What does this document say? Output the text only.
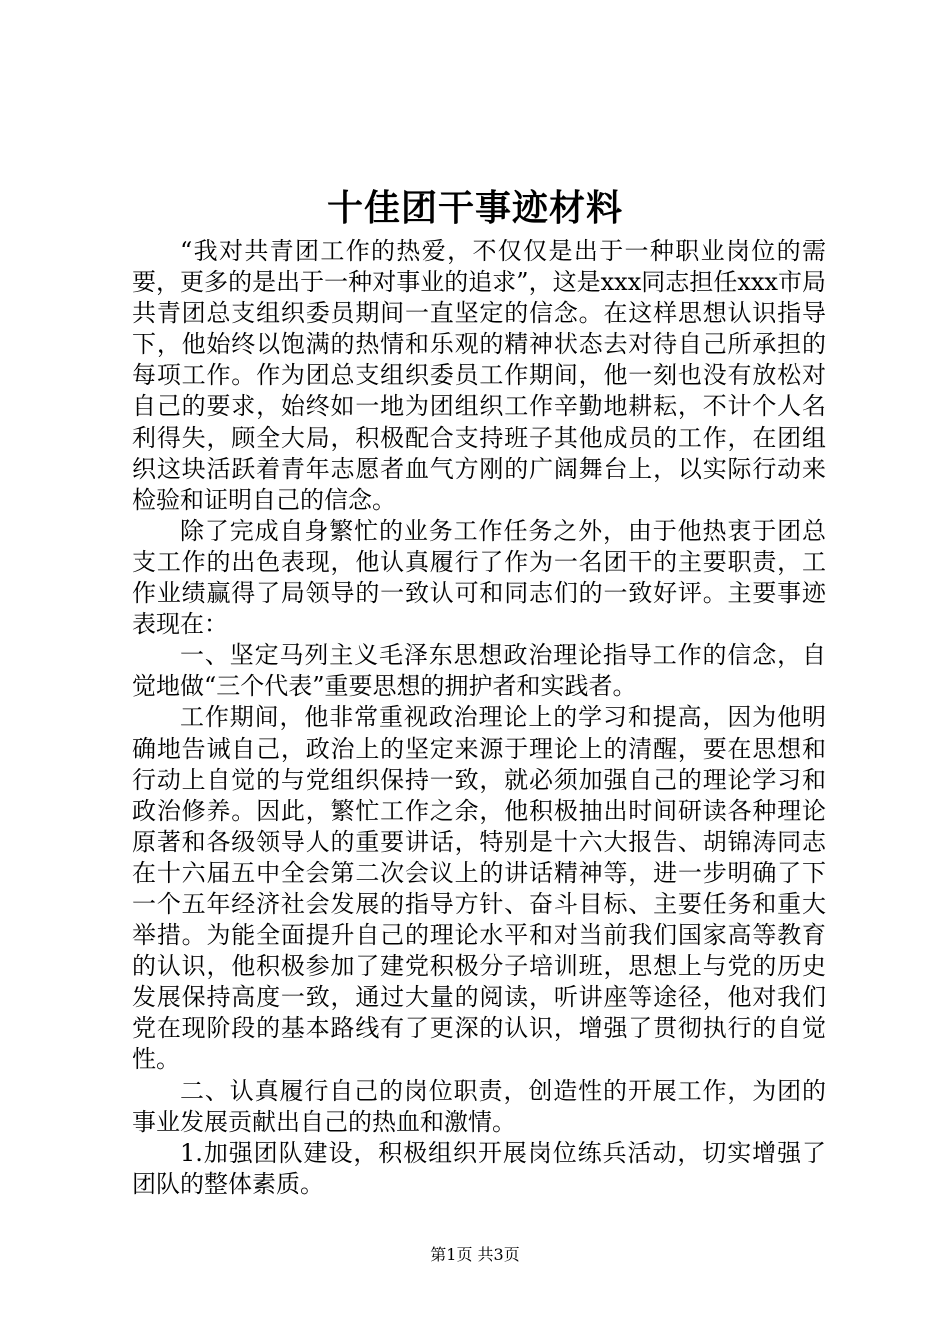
十佳团干事迹材料

“我对共青团工作的热爱，不仅仅是出于一种职业岗位的需要，更多的是出于一种对事业的追求”，这是xxx同志担任xxx市局共青团总支组织委员期间一直坚定的信念。在这样思想认识指导下，他始终以饱满的热情和乐观的精神状态去对待自己所承担的每项工作。作为团总支组织委员工作期间，他一刻也没有放松对自己的要求，始终如一地为团组织工作辛勤地耕耘，不计个人名利得失，顾全大局，积极配合支持班子其他成员的工作，在团组织这块活跃着青年志愿者血气方刚的广阔舞台上，以实际行动来检验和证明自己的信念。

除了完成自身繁忙的业务工作任务之外，由于他热衷于团总支工作的出色表现，他认真履行了作为一名团干的主要职责，工作业绩赢得了局领导的一致认可和同志们的一致好评。主要事迹表现在：

一、坚定马列主义毛泽东思想政治理论指导工作的信念，自觉地做“三个代表”重要思想的拥护者和实践者。

工作期间，他非常重视政治理论上的学习和提高，因为他明确地告诫自己，政治上的坚定来源于理论上的清醒，要在思想和行动上自觉的与党组织保持一致，就必须加强自己的理论学习和政治修养。因此，繁忙工作之余，他积极抽出时间研读各种理论原著和各级领导人的重要讲话，特别是十六大报告、胡锦涛同志在十六届五中全会第二次会议上的讲话精神等，进一步明确了下一个五年经济社会发展的指导方针、奋斗目标、主要任务和重大举措。为能全面提升自己的理论水平和对当前我们国家高等教育的认识，他积极参加了建党积极分子培训班，思想上与党的历史发展保持高度一致，通过大量的阅读，听讲座等途径，他对我们党在现阶段的基本路线有了更深的认识，增强了贯彻执行的自觉性。

二、认真履行自己的岗位职责，创造性的开展工作，为团的事业发展贡献出自己的热血和激情。

1.加强团队建设，积极组织开展岗位练兵活动，切实增强了团队的整体素质。

第1页 共3页
